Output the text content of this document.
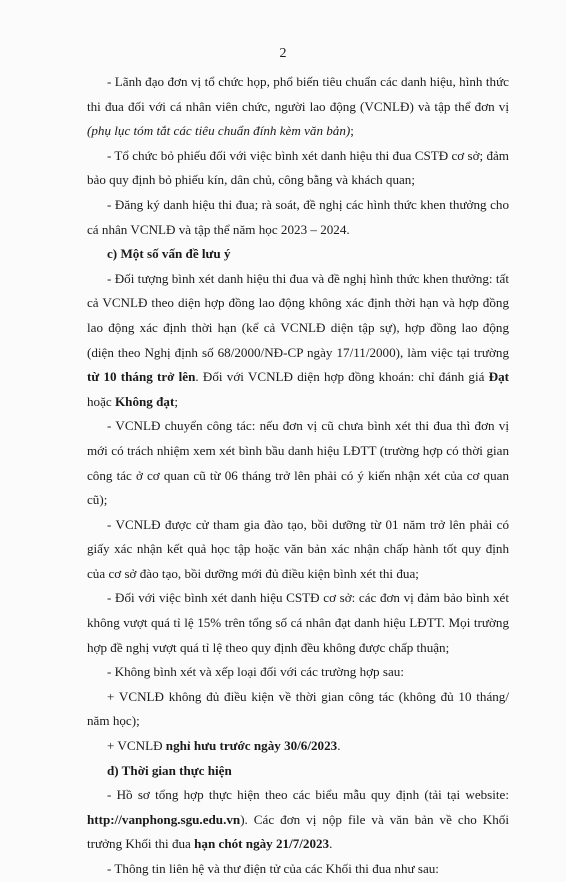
2

- Lãnh đạo đơn vị tổ chức họp, phổ biến tiêu chuẩn các danh hiệu, hình thức thi đua đối với cá nhân viên chức, người lao động (VCNLĐ) và tập thể đơn vị (phụ lục tóm tắt các tiêu chuẩn đính kèm văn bản);

- Tổ chức bỏ phiếu đối với việc bình xét danh hiệu thi đua CSTĐ cơ sở; đảm bảo quy định bỏ phiếu kín, dân chủ, công bằng và khách quan;

- Đăng ký danh hiệu thi đua; rà soát, đề nghị các hình thức khen thưởng cho cá nhân VCNLĐ và tập thể năm học 2023 – 2024.

c) Một số vấn đề lưu ý

- Đối tượng bình xét danh hiệu thi đua và đề nghị hình thức khen thưởng: tất cả VCNLĐ theo diện hợp đồng lao động không xác định thời hạn và hợp đồng lao động xác định thời hạn (kể cả VCNLĐ diện tập sự), hợp đồng lao động (diện theo Nghị định số 68/2000/NĐ-CP ngày 17/11/2000), làm việc tại trường từ 10 tháng trở lên. Đối với VCNLĐ diện hợp đồng khoán: chỉ đánh giá Đạt hoặc Không đạt;

- VCNLĐ chuyển công tác: nếu đơn vị cũ chưa bình xét thi đua thì đơn vị mới có trách nhiệm xem xét bình bầu danh hiệu LĐTT (trường hợp có thời gian công tác ở cơ quan cũ từ 06 tháng trở lên phải có ý kiến nhận xét của cơ quan cũ);

- VCNLĐ được cử tham gia đào tạo, bồi dưỡng từ 01 năm trở lên phải có giấy xác nhận kết quả học tập hoặc văn bản xác nhận chấp hành tốt quy định của cơ sở đào tạo, bồi dưỡng mới đủ điều kiện bình xét thi đua;

- Đối với việc bình xét danh hiệu CSTĐ cơ sở: các đơn vị đảm bảo bình xét không vượt quá tỉ lệ 15% trên tổng số cá nhân đạt danh hiệu LĐTT. Mọi trường hợp đề nghị vượt quá tỉ lệ theo quy định đều không được chấp thuận;

- Không bình xét và xếp loại đối với các trường hợp sau:

+ VCNLĐ không đủ điều kiện về thời gian công tác (không đủ 10 tháng/ năm học);

+ VCNLĐ nghỉ hưu trước ngày 30/6/2023.

d) Thời gian thực hiện

- Hồ sơ tổng hợp thực hiện theo các biểu mẫu quy định (tải tại website: http://vanphong.sgu.edu.vn). Các đơn vị nộp file và văn bản về cho Khối trưởng Khối thi đua hạn chót ngày 21/7/2023.

- Thông tin liên hệ và thư điện tử của các Khối thi đua như sau:
